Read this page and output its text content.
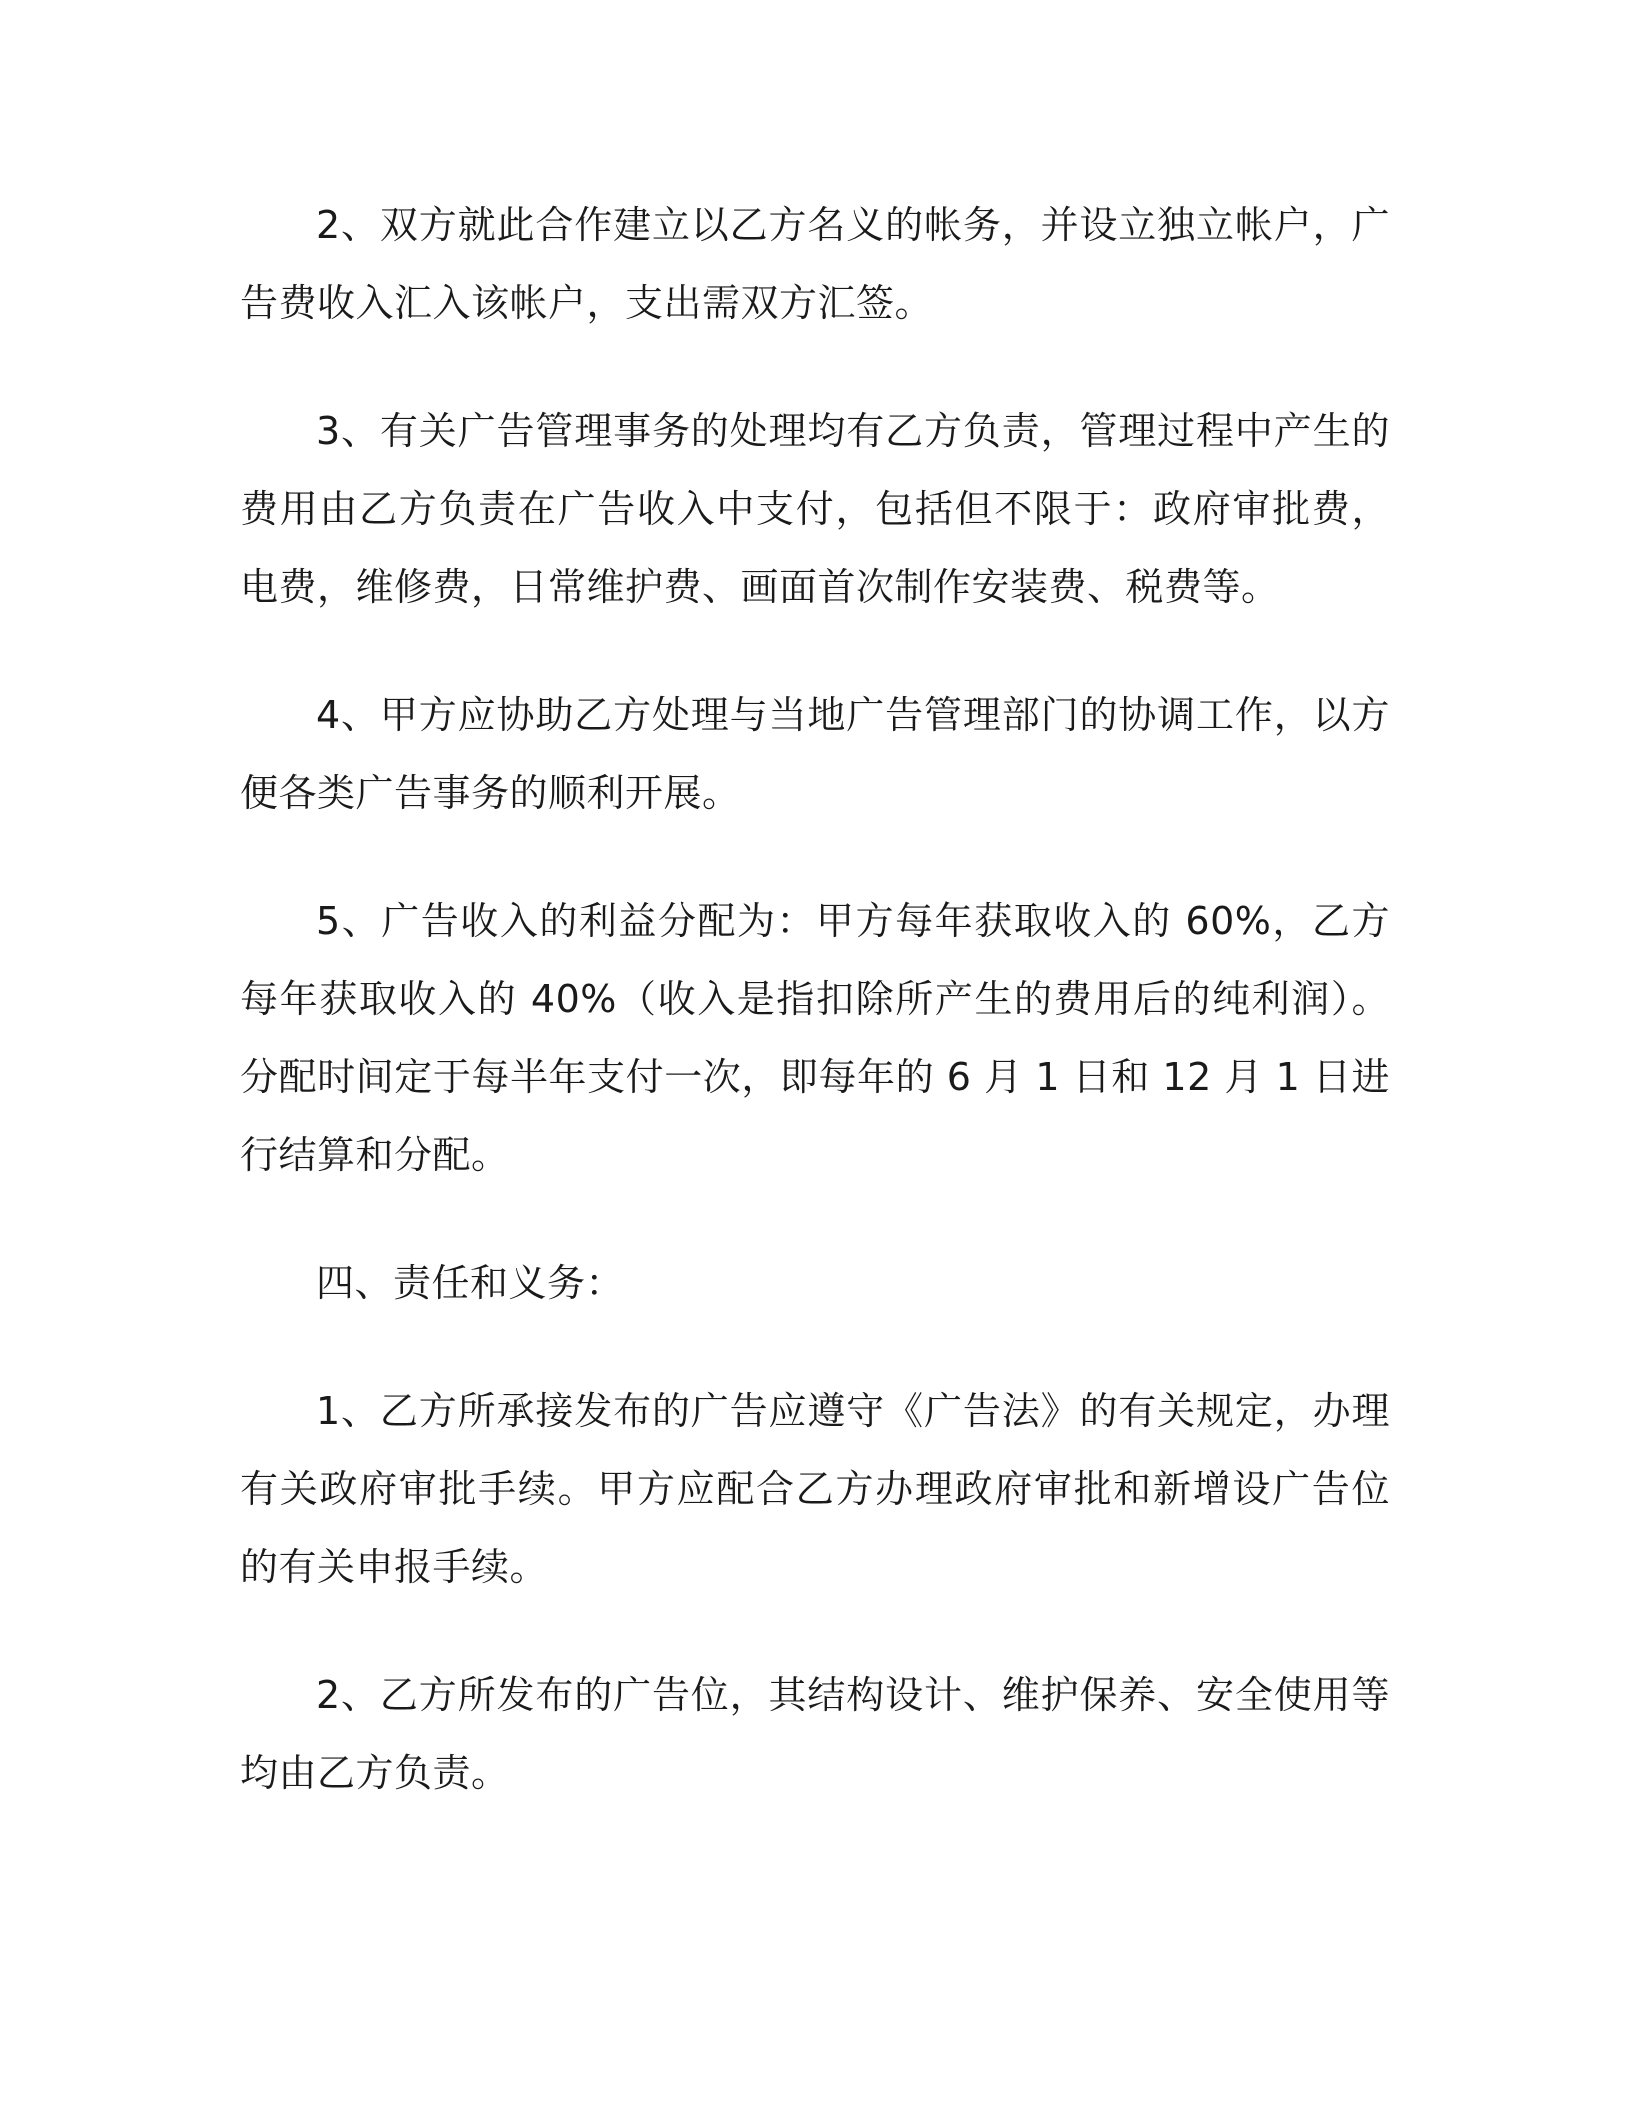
2、双方就此合作建立以乙方名义的帐务，并设立独立帐户，广告费收入汇入该帐户，支出需双方汇签。

3、有关广告管理事务的处理均有乙方负责，管理过程中产生的费用由乙方负责在广告收入中支付，包括但不限于：政府审批费，电费，维修费，日常维护费、画面首次制作安装费、税费等。

4、甲方应协助乙方处理与当地广告管理部门的协调工作，以方便各类广告事务的顺利开展。

5、广告收入的利益分配为：甲方每年获取收入的 60%，乙方每年获取收入的 40%（收入是指扣除所产生的费用后的纯利润）。分配时间定于每半年支付一次，即每年的 6 月 1 日和 12 月 1 日进行结算和分配。

四、责任和义务：

1、乙方所承接发布的广告应遵守《广告法》的有关规定，办理有关政府审批手续。甲方应配合乙方办理政府审批和新增设广告位的有关申报手续。

2、乙方所发布的广告位，其结构设计、维护保养、安全使用等均由乙方负责。
